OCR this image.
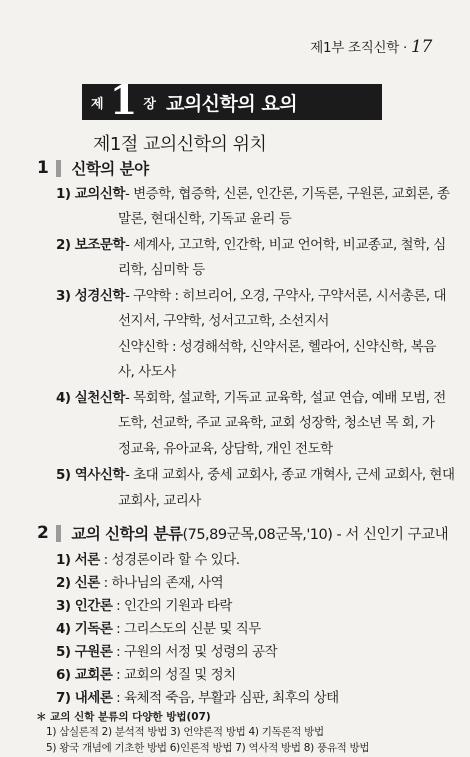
제1부 조직신학 · 17
제 1 장 교의신학의 요의
제1절 교의신학의 위치
1 신학의 분야
1) 교의신학- 변증학, 협증학, 신론, 인간론, 기독론, 구원론, 교회론, 종
말론, 현대신학, 기독교 윤리 등
2) 보조문학- 세계사, 고고학, 인간학, 비교 언어학, 비교종교, 철학, 심
리학, 심미학 등
3) 성경신학- 구약학 : 히브리어, 오경, 구약사, 구약서론, 시서총론, 대
선지서, 구약학, 성서고고학, 소선지서
신약신학 : 성경해석학, 신약서론, 헬라어, 신약신학, 복음
사, 사도사
4) 실천신학- 목회학, 설교학, 기독교 교육학, 설교 연습, 예배 모범, 전
도학, 선교학, 주교 교육학, 교회 성장학, 청소년 목 회, 가
정교육, 유아교육, 상담학, 개인 전도학
2 교의 신학의 분류 (75,89군목,08군목,'10) - 서 신인기 구교내
1) 서론 : 성경론이라 할 수 있다.
2) 신론 : 하나님의 존재, 사역
3) 인간론 : 인간의 기원과 타락
4) 기독론 : 그리스도의 신분 및 직무
5) 구원론 : 구원의 서정 및 성령의 공작
6) 교회론 : 교회의 성질 및 정치
＊ 교의 신학 분류의 다양한 방법(07)
1) 삼실론적 2) 분석적 방법 3) 언약론적 방법 4) 기독론적 방법
5) 왕국 개념에 기초한 방법 6)인론적 방법 7) 역사적 방법 8) 풍유적 방법
5) 역사신학- 초대 교회사, 중세 교회사, 종교 개혁사, 근세 교회사, 현대
교회사, 교리사
7) 내세론 : 육체적 죽음, 부활과 심판, 최후의 상태
